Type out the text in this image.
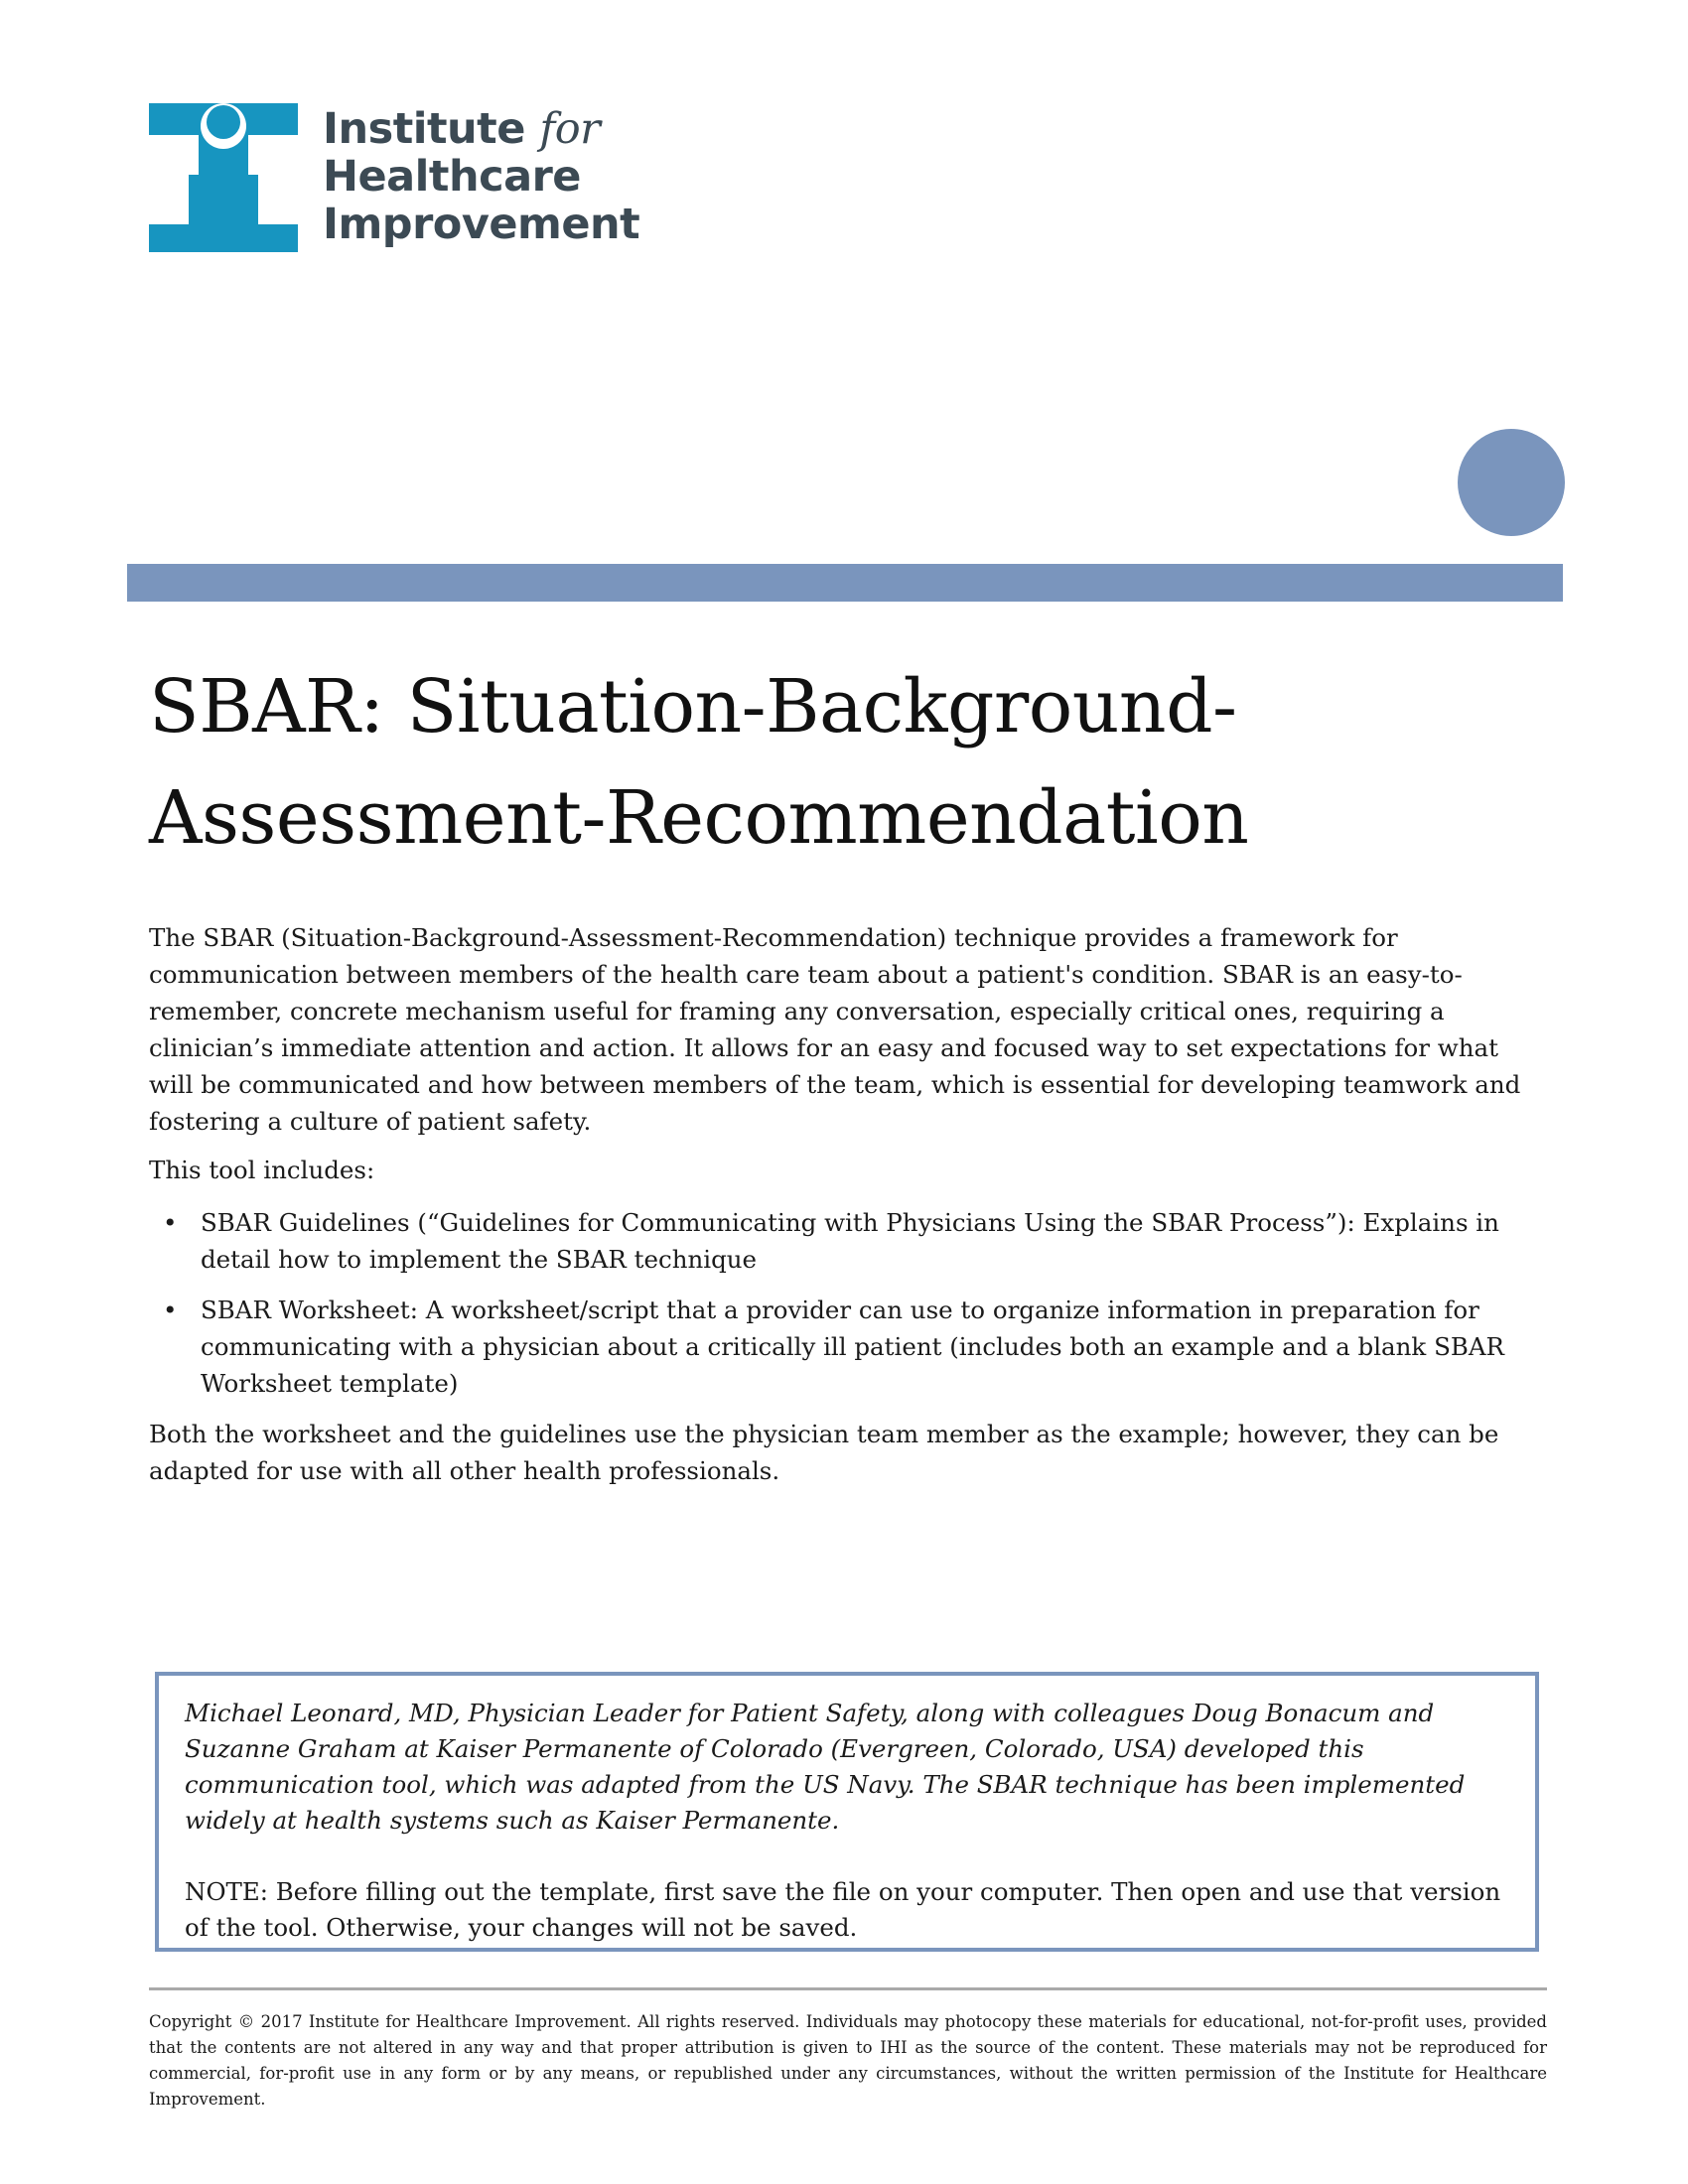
Institute for
Healthcare
Improvement
SBAR: Situation-Background-
Assessment-Recommendation

The SBAR (Situation-Background-Assessment-Recommendation) technique provides a framework for communication between members of the health care team about a patient's condition. SBAR is an easy-to-remember, concrete mechanism useful for framing any conversation, especially critical ones, requiring a clinician’s immediate attention and action. It allows for an easy and focused way to set expectations for what will be communicated and how between members of the team, which is essential for developing teamwork and fostering a culture of patient safety.

This tool includes:

• SBAR Guidelines (“Guidelines for Communicating with Physicians Using the SBAR Process”): Explains in detail how to implement the SBAR technique
• SBAR Worksheet: A worksheet/script that a provider can use to organize information in preparation for communicating with a physician about a critically ill patient (includes both an example and a blank SBAR Worksheet template)

Both the worksheet and the guidelines use the physician team member as the example; however, they can be adapted for use with all other health professionals.

Michael Leonard, MD, Physician Leader for Patient Safety, along with colleagues Doug Bonacum and Suzanne Graham at Kaiser Permanente of Colorado (Evergreen, Colorado, USA) developed this communication tool, which was adapted from the US Navy. The SBAR technique has been implemented widely at health systems such as Kaiser Permanente.

NOTE: Before filling out the template, first save the file on your computer. Then open and use that version of the tool. Otherwise, your changes will not be saved.

Copyright © 2017 Institute for Healthcare Improvement. All rights reserved. Individuals may photocopy these materials for educational, not-for-profit uses, provided that the contents are not altered in any way and that proper attribution is given to IHI as the source of the content. These materials may not be reproduced for commercial, for-profit use in any form or by any means, or republished under any circumstances, without the written permission of the Institute for Healthcare Improvement.
